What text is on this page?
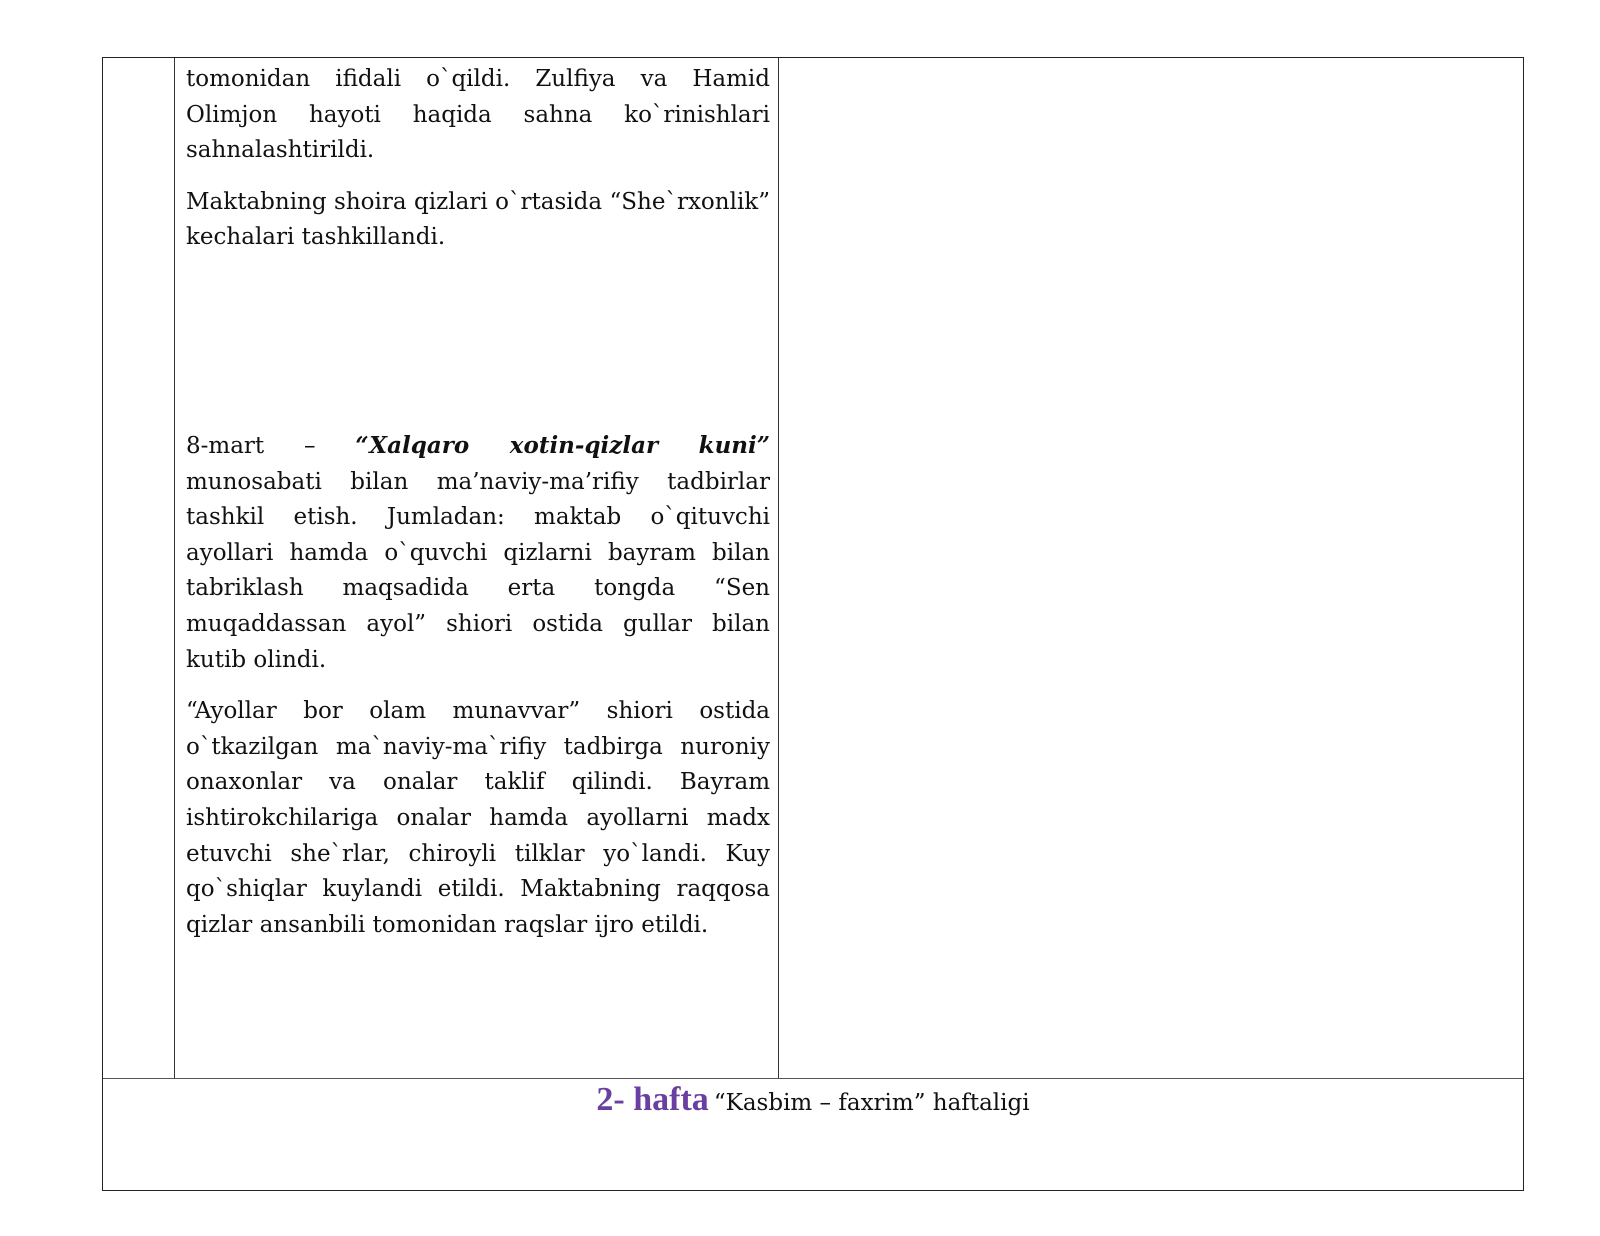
tomonidan ifidali o`qildi. Zulfiya va Hamid Olimjon hayoti haqida sahna ko`rinishlari sahnalashtirildi.

Maktabning shoira qizlari o`rtasida “She`rxonlik” kechalari tashkillandi.

8-mart – “Xalqaro xotin-qizlar kuni” munosabati bilan ma’naviy-ma’rifiy tadbirlar tashkil etish. Jumladan: maktab o`qituvchi ayollari hamda o`quvchi qizlarni bayram bilan tabriklash maqsadida erta tongda “Sen muqaddassan ayol” shiori ostida gullar bilan kutib olindi.

“Ayollar bor olam munavvar” shiori ostida o`tkazilgan ma`naviy-ma`rifiy tadbirga nuroniy onaxonlar va onalar taklif qilindi. Bayram ishtirokchilariga onalar hamda ayollarni madx etuvchi she`rlar, chiroyli tilklar yo`landi. Kuy qo`shiqlar kuylandi etildi. Maktabning raqqosa qizlar ansanbili tomonidan raqslar ijro etildi.

2- hafta “Kasbim – faxrim” haftaligi
